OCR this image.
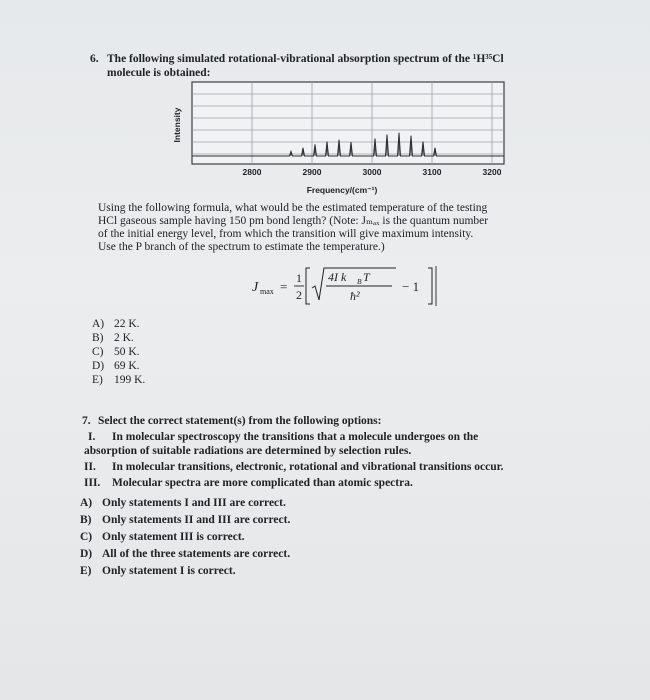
6. The following simulated rotational-vibrational absorption spectrum of the ¹H³⁵Cl
molecule is obtained:
2800	2900	3000	3100	3200
Intensity
Frequency/(cm⁻¹)
Using the following formula, what would be the estimated temperature of the testing
HCl gaseous sample having 150 pm bond length? (Note: Jₘₐₓ is the quantum number
of the initial energy level, from which the transition will give maximum intensity.
Use the P branch of the spectrum to estimate the temperature.)
J max =
1
2
4I k B T
ħ²
− 1
A) 22 K.
B) 2 K.
C) 50 K.
D) 69 K.
E) 199 K.
7. Select the correct statement(s) from the following options:
I. In molecular spectroscopy the transitions that a molecule undergoes on the
absorption of suitable radiations are determined by selection rules.
II. In molecular transitions, electronic, rotational and vibrational transitions occur.
III. Molecular spectra are more complicated than atomic spectra.
A) Only statements I and III are correct.
B) Only statements II and III are correct.
C) Only statement III is correct.
D) All of the three statements are correct.
E) Only statement I is correct.
